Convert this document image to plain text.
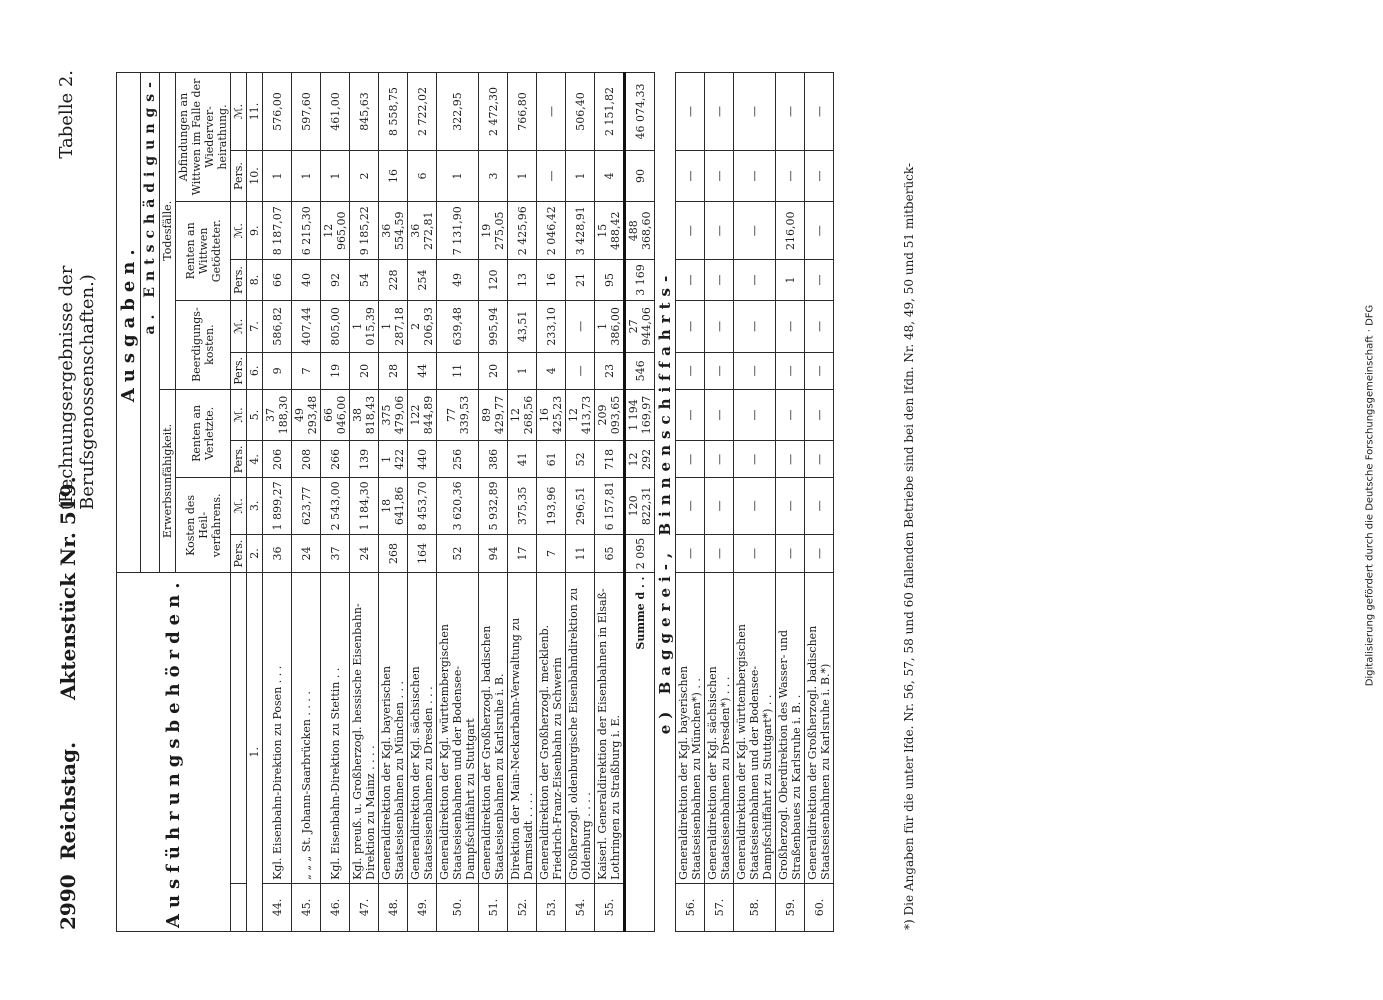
2990
Reichstag.
Aktenstück Nr. 519.
(Rechnungsergebnisse der Berufsgenossenschaften.)
Tabelle 2.
Ausführungsbehörden.		Ausgaben.									
		a. Entschädigungs-									
		Erwerbsunfähigkeit.				Todesfälle.					
		Kosten des Heil-verfahrens.		Renten an Verletzte.		Beerdigungs-kosten.		Renten an Wittwen Getödteter.		Abfindungen an Wittwen im Falle der Wiederver-heirathung.	
		Pers.	ℳ.	Pers.	ℳ.	Pers.	ℳ.	Pers.	ℳ.	Pers.	ℳ.
1.		2.	3.	4.	5.	6.	7.	8.	9.	10.	11.
44.	Kgl. Eisenbahn-Direktion zu Posen . . .	36	1 899,27	206	37 188,30	9	586,82	66	8 187,07	1	576,00
45.	„ „ „ St. Johann-Saarbrücken . . . .	24	623,77	208	49 293,48	7	407,44	40	6 215,30	1	597,60
46.	Kgl. Eisenbahn-Direktion zu Stettin . .	37	2 543,00	266	66 046,00	19	805,00	92	12 965,00	1	461,00
47.	Kgl. preuß. u. Großherzogl. hessische Eisenbahn-Direktion zu Mainz . . . .	24	1 184,30	139	38 818,43	20	1 015,39	54	9 185,22	2	845,63
48.	Generaldirektion der Kgl. bayerischen Staatseisenbahnen zu München . . .	268	18 641,86	1 422	375 479,06	28	1 287,18	228	36 554,59	16	8 558,75
49.	Generaldirektion der Kgl. sächsischen Staatseisenbahnen zu Dresden . . .	164	8 453,70	440	122 844,89	44	2 206,93	254	36 272,81	6	2 722,02
50.	Generaldirektion der Kgl. württembergischen Staatseisenbahnen und der Bodensee-Dampfschiffahrt zu Stuttgart	52	3 620,36	256	77 339,53	11	639,48	49	7 131,90	1	322,95
51.	Generaldirektion der Großherzogl. badischen Staatseisenbahnen zu Karlsruhe i. B.	94	5 932,89	386	89 429,77	20	995,94	120	19 275,05	3	2 472,30
52.	Direktion der Main-Neckarbahn-Verwaltung zu Darmstadt . . . .	17	375,35	41	12 268,56	1	43,51	13	2 425,96	1	766,80
53.	Generaldirektion der Großherzogl. mecklenb. Friedrich-Franz-Eisenbahn zu Schwerin	7	193,96	61	16 425,23	4	233,10	16	2 046,42	—	—
54.	Großherzogl. oldenburgische Eisenbahndirektion zu Oldenburg . . . .	11	296,51	52	12 413,73	—	—	21	3 428,91	1	506,40
55.	Kaiserl. Generaldirektion der Eisenbahnen in Elsaß-Lothringen zu Straßburg i. E.	65	6 157,81	718	209 093,65	23	1 386,00	95	15 488,42	4	2 151,82
Summe d . .		2 095	120 822,31	12 292	1 194 169,97	546	27 944,06	3 169	488 368,60	90	46 074,33
e) Baggerei-, Binnenschiffahrts-											
56.	Generaldirektion der Kgl. bayerischen Staatseisenbahnen zu München*) . .	—	—	—	—	—	—	—	—	—	—
57.	Generaldirektion der Kgl. sächsischen Staatseisenbahnen zu Dresden*) . . .	—	—	—	—	—	—	—	—	—	—
58.	Generaldirektion der Kgl. württembergischen Staatseisenbahnen und der Bodensee-Dampfschiffahrt zu Stuttgart*) . .	—	—	—	—	—	—	—	—	—	—
59.	Großherzogl. Oberdirektion des Wasser- und Straßenbaues zu Karlsruhe i. B. .	—	—	—	—	—	—	1	216,00	—	—
60.	Generaldirektion der Großherzogl. badischen Staatseisenbahnen zu Karlsruhe i. B.*)	—	—	—	—	—	—	—	—	—	—
*) Die Angaben für die unter lfde. Nr. 56, 57, 58 und 60 fallenden Betriebe sind bei den lfdn. Nr. 48, 49, 50 und 51 mitberück-	Digitalisierung gefördert durch die Deutsche Forschungsgemeinschaft · DFG
